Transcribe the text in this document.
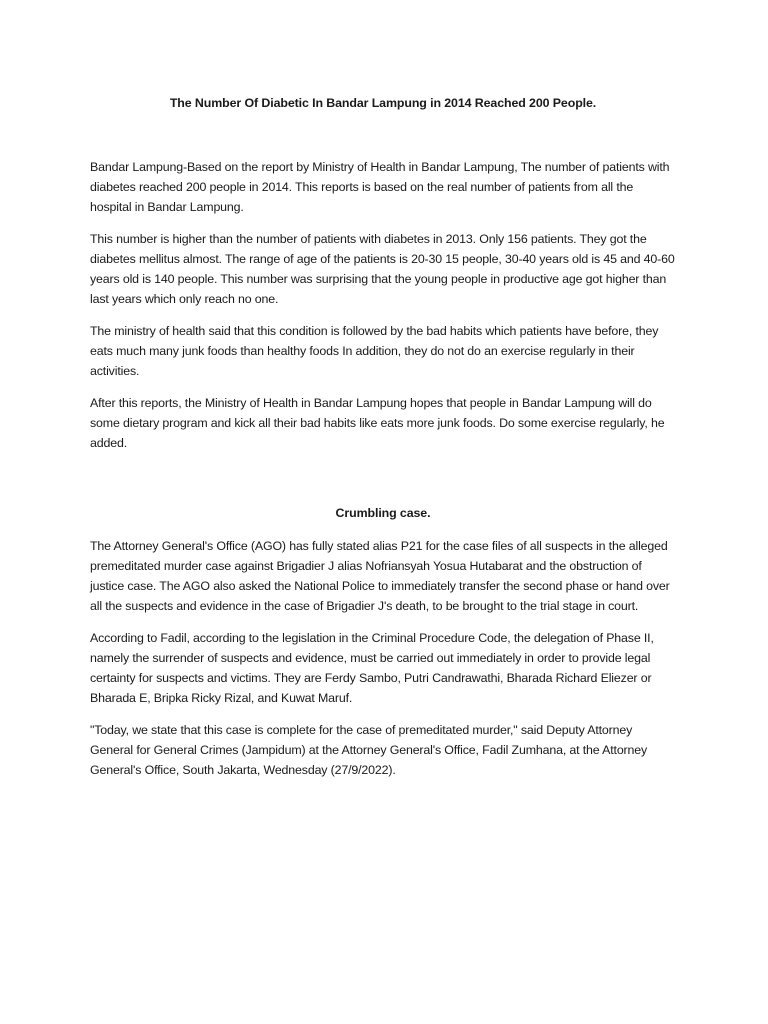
The Number Of Diabetic In Bandar Lampung in 2014 Reached 200 People.

Bandar Lampung-Based on the report by Ministry of Health in Bandar Lampung, The number of patients with diabetes reached 200 people in 2014. This reports is based on the real number of patients from all the hospital in Bandar Lampung.

This number is higher than the number of patients with diabetes in 2013. Only 156 patients. They got the diabetes mellitus almost. The range of age of the patients is 20-30 15 people, 30-40 years old is 45 and 40-60 years old is 140 people. This number was surprising that the young people in productive age got higher than last years which only reach no one.

The ministry of health said that this condition is followed by the bad habits which patients have before, they eats much many junk foods than healthy foods In addition, they do not do an exercise regularly in their activities.

After this reports, the Ministry of Health in Bandar Lampung hopes that people in Bandar Lampung will do some dietary program and kick all their bad habits like eats more junk foods. Do some exercise regularly, he added.

Crumbling case.

The Attorney General's Office (AGO) has fully stated alias P21 for the case files of all suspects in the alleged premeditated murder case against Brigadier J alias Nofriansyah Yosua Hutabarat and the obstruction of justice case. The AGO also asked the National Police to immediately transfer the second phase or hand over all the suspects and evidence in the case of Brigadier J's death, to be brought to the trial stage in court.

According to Fadil, according to the legislation in the Criminal Procedure Code, the delegation of Phase II, namely the surrender of suspects and evidence, must be carried out immediately in order to provide legal certainty for suspects and victims. They are Ferdy Sambo, Putri Candrawathi, Bharada Richard Eliezer or Bharada E, Bripka Ricky Rizal, and Kuwat Maruf.

"Today, we state that this case is complete for the case of premeditated murder," said Deputy Attorney General for General Crimes (Jampidum) at the Attorney General's Office, Fadil Zumhana, at the Attorney General's Office, South Jakarta, Wednesday (27/9/2022).
